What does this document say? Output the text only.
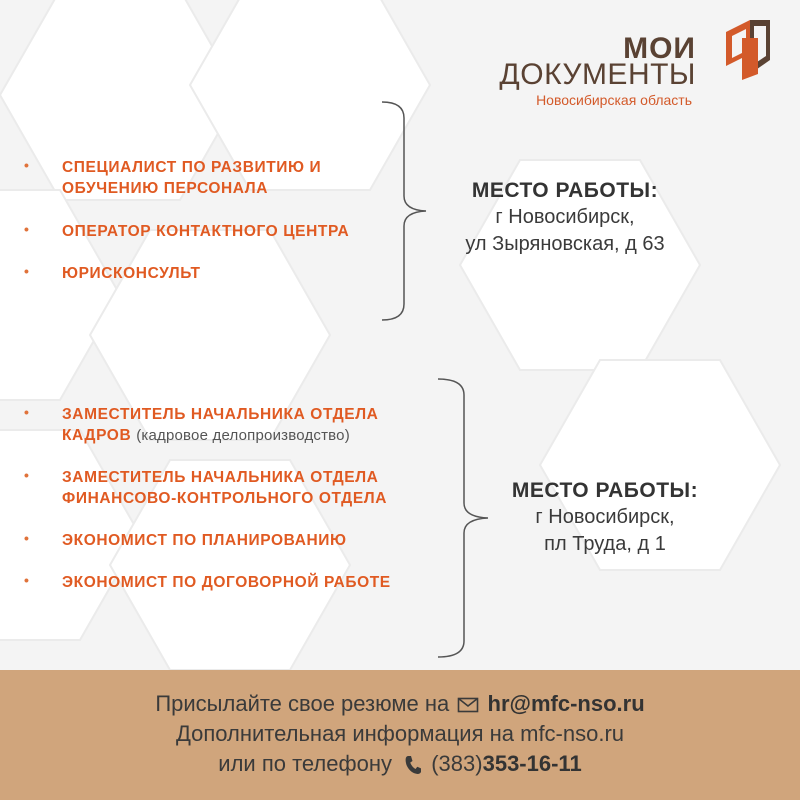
МОИ
ДОКУМЕНТЫ
Новосибирская область
• СПЕЦИАЛИСТ ПО РАЗВИТИЮ И ОБУЧЕНИЮ ПЕРСОНАЛА
• ОПЕРАТОР КОНТАКТНОГО ЦЕНТРА
• ЮРИСКОНСУЛЬТ
МЕСТО РАБОТЫ:
г Новосибирск,
ул Зыряновская, д 63
• ЗАМЕСТИТЕЛЬ НАЧАЛЬНИКА ОТДЕЛА КАДРОВ (кадровое делопроизводство)
• ЗАМЕСТИТЕЛЬ НАЧАЛЬНИКА ОТДЕЛА ФИНАНСОВО-КОНТРОЛЬНОГО ОТДЕЛА
• ЭКОНОМИСТ ПО ПЛАНИРОВАНИЮ
• ЭКОНОМИСТ ПО ДОГОВОРНОЙ РАБОТЕ
МЕСТО РАБОТЫ:
г Новосибирск,
пл Труда, д 1
Присылайте свое резюме на hr@mfc-nso.ru
Дополнительная информация на mfc-nso.ru
или по телефону (383)353-16-11
